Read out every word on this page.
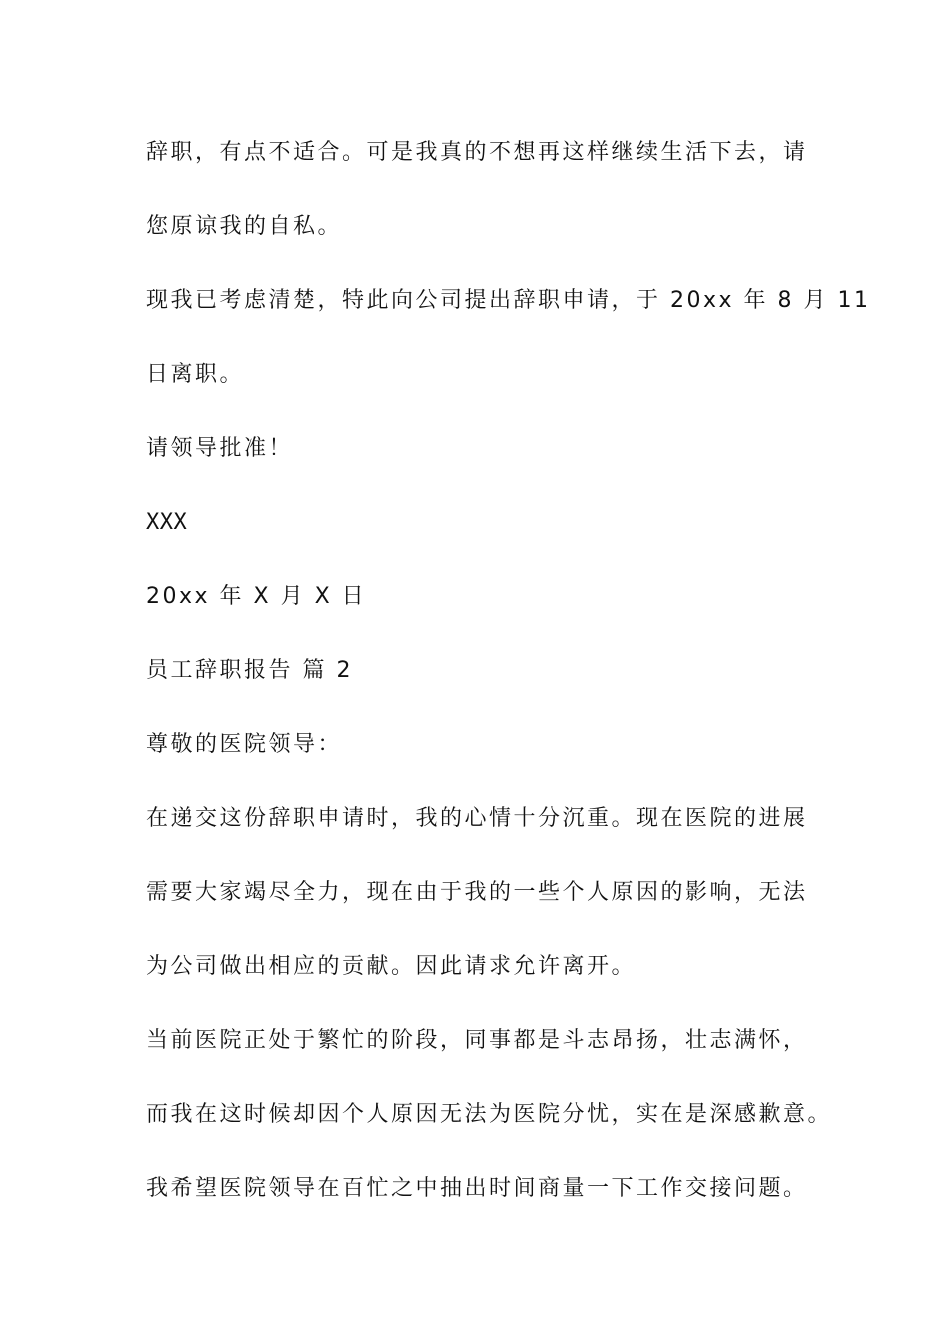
辞职，有点不适合。可是我真的不想再这样继续生活下去，请
您原谅我的自私。
现我已考虑清楚，特此向公司提出辞职申请，于 20xx 年 8 月 11
日离职。
请领导批准！
XXX
20xx 年 X 月 X 日
员工辞职报告 篇 2
尊敬的医院领导：
在递交这份辞职申请时，我的心情十分沉重。现在医院的进展
需要大家竭尽全力，现在由于我的一些个人原因的影响，无法
为公司做出相应的贡献。因此请求允许离开。
当前医院正处于繁忙的阶段，同事都是斗志昂扬，壮志满怀，
而我在这时候却因个人原因无法为医院分忧，实在是深感歉意。
我希望医院领导在百忙之中抽出时间商量一下工作交接问题。
